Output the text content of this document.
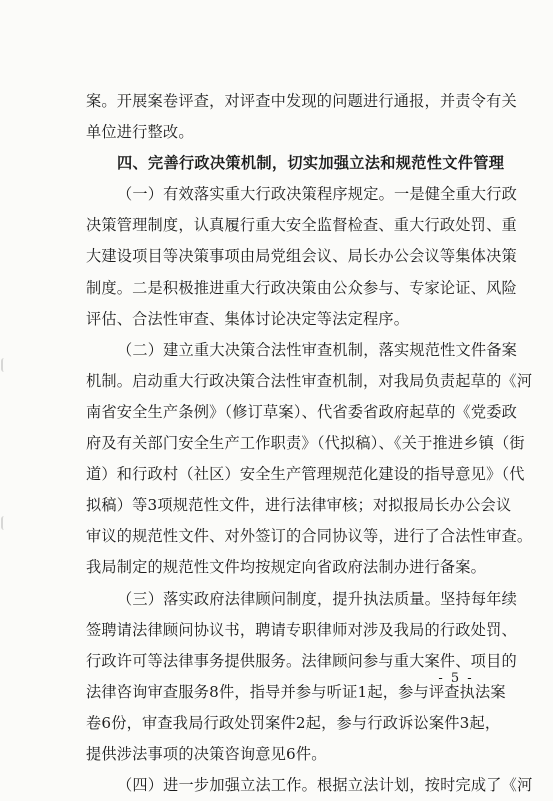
案。开展案卷评查，对评查中发现的问题进行通报，并责令有关
单位进行整改。
四、完善行政决策机制，切实加强立法和规范性文件管理
（一）有效落实重大行政决策程序规定。一是健全重大行政
决策管理制度，认真履行重大安全监督检查、重大行政处罚、重
大建设项目等决策事项由局党组会议、局长办公会议等集体决策
制度。二是积极推进重大行政决策由公众参与、专家论证、风险
评估、合法性审查、集体讨论决定等法定程序。
（二）建立重大决策合法性审查机制，落实规范性文件备案
机制。启动重大行政决策合法性审查机制，对我局负责起草的《河
南省安全生产条例》（修订草案）、代省委省政府起草的《党委政
府及有关部门安全生产工作职责》（代拟稿）、《关于推进乡镇（街
道）和行政村（社区）安全生产管理规范化建设的指导意见》（代
拟稿）等3项规范性文件，进行法律审核；对拟报局长办公会议
审议的规范性文件、对外签订的合同协议等，进行了合法性审查。
我局制定的规范性文件均按规定向省政府法制办进行备案。
（三）落实政府法律顾问制度，提升执法质量。坚持每年续
签聘请法律顾问协议书，聘请专职律师对涉及我局的行政处罚、
行政许可等法律事务提供服务。法律顾问参与重大案件、项目的
法律咨询审查服务8件，指导并参与听证1起，参与评查执法案
卷6份，审查我局行政处罚案件2起，参与行政诉讼案件3起，
提供涉法事项的决策咨询意见6件。
（四）进一步加强立法工作。根据立法计划，按时完成了《河
- 5 -
